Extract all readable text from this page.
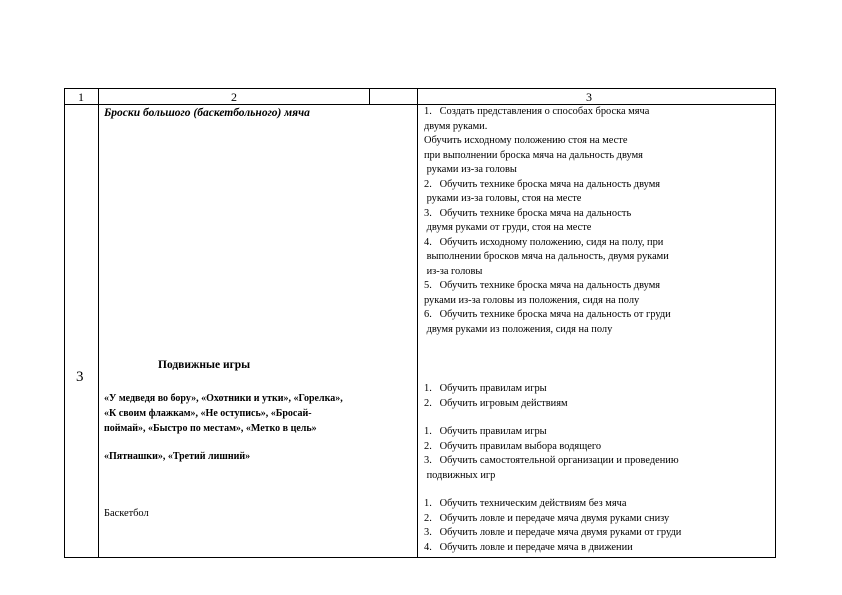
1	2	3
3
Броски большого (баскетбольного) мяча
Подвижные игры
«У медведя во бору», «Охотники и утки», «Горелка»,
«К своим флажкам», «Не оступись», «Бросай-
поймай», «Быстро по местам», «Метко в цель»
«Пятнашки», «Третий лишний»
Баскетбол
1.   Создать представления о способах броска мяча
двумя руками.
Обучить исходному положению стоя на месте
при выполнении броска мяча на дальность двумя
руками из-за головы
2.   Обучить технике броска мяча на дальность двумя
руками из-за головы, стоя на месте
3.   Обучить технике броска мяча на дальность
двумя руками от груди, стоя на месте
4.   Обучить исходному положению, сидя на полу, при
выполнении бросков мяча на дальность, двумя руками
из-за головы
5.   Обучить технике броска мяча на дальность двумя
руками из-за головы из положения, сидя на полу
6.   Обучить технике броска мяча на дальность от груди
двумя руками из положения, сидя на полу
1.   Обучить правилам игры
2.   Обучить игровым действиям
1.   Обучить правилам игры
2.   Обучить правилам выбора водящего
3.   Обучить самостоятельной организации и проведению
подвижных игр
1.   Обучить техническим действиям без мяча
2.   Обучить ловле и передаче мяча двумя руками снизу
3.   Обучить ловле и передаче мяча двумя руками от груди
4.   Обучить ловле и передаче мяча в движении
